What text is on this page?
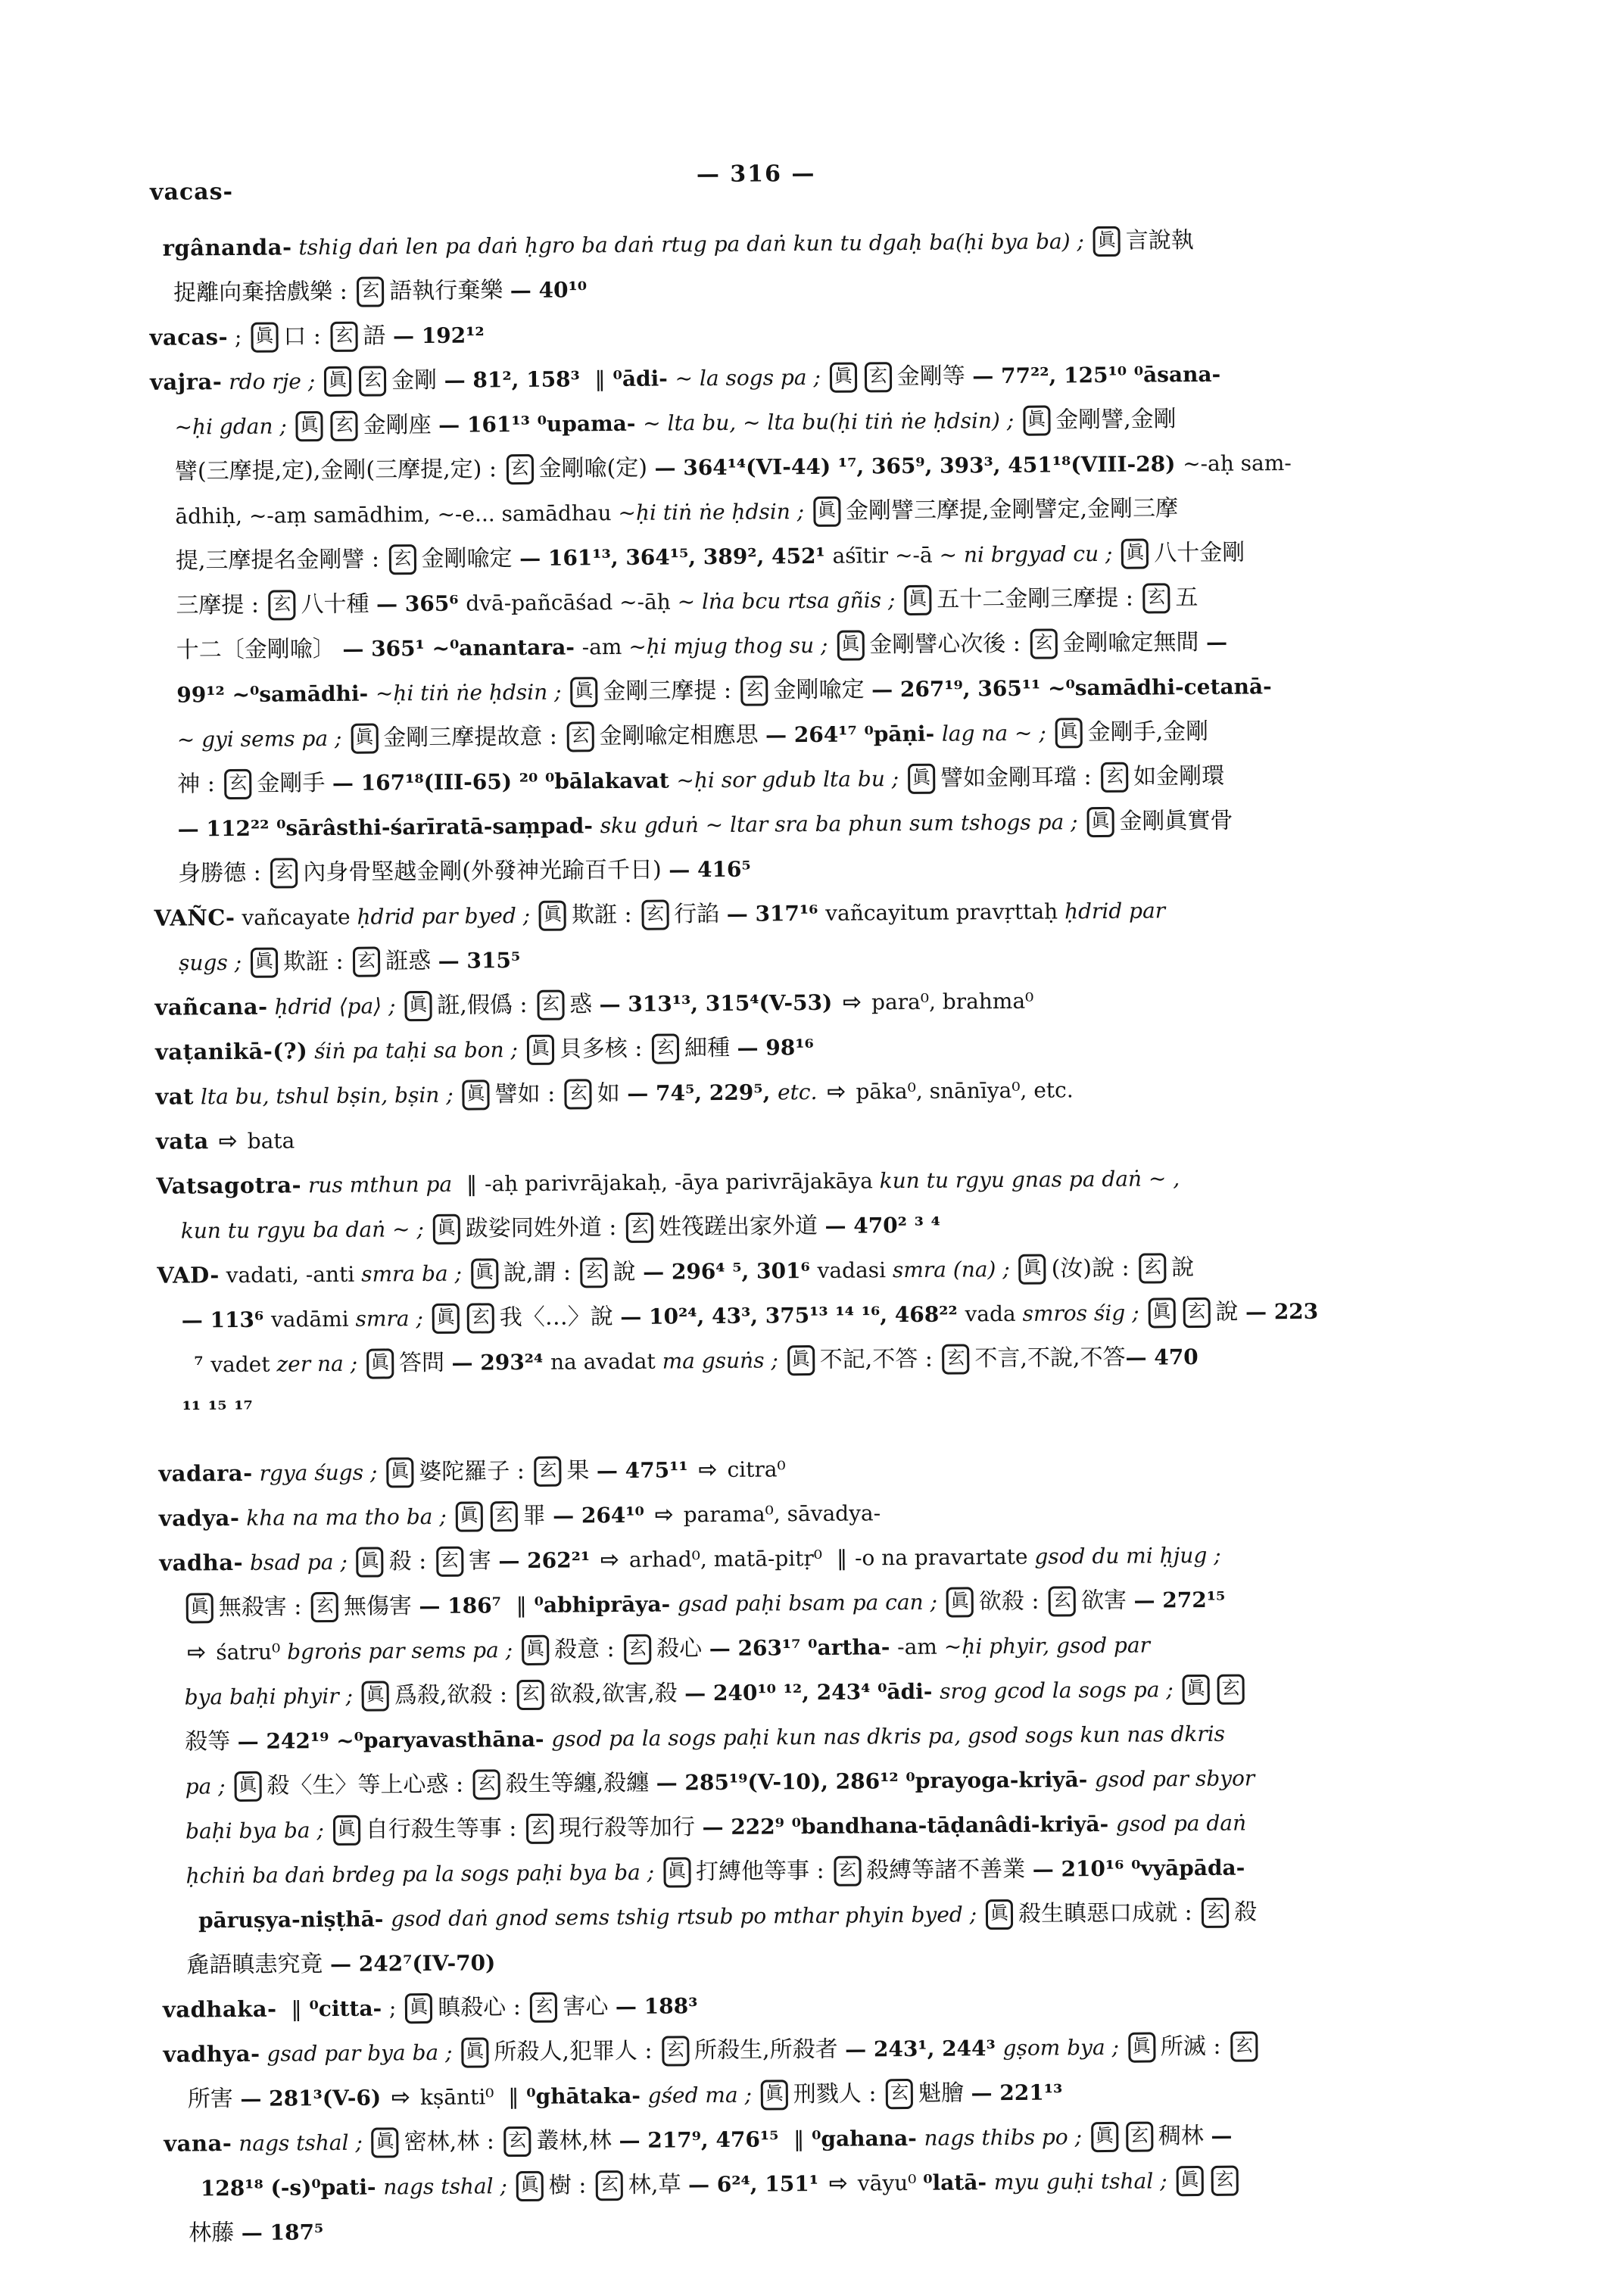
vacas-
— 316 —
rgânanda- tshig daṅ len pa daṅ ḥgro ba daṅ rtug pa daṅ kun tu dgaḥ ba(ḥi bya ba) ; 眞 言說執
捉離向棄捨戲樂 : 玄 語執行棄樂 — 40¹⁰
vacas- ; 眞 口 : 玄 語 — 192¹²
vajra- rdo rje ; 眞 玄 金剛 — 81², 158³ ‖ ⁰ādi- ~ la sogs pa ; 眞 玄 金剛等 — 77²², 125¹⁰ ⁰āsana-
~ḥi gdan ; 眞 玄 金剛座 — 161¹³ ⁰upama- ~ lta bu, ~ lta bu(ḥi tiṅ ṅe ḥdsin) ; 眞 金剛譬,金剛
譬(三摩提,定),金剛(三摩提,定) : 玄 金剛喩(定) — 364¹⁴(VI-44) ¹⁷, 365⁹, 393³, 451¹⁸(VIII-28) ~-aḥ sam-
ādhiḥ, ~-aṃ samādhim, ~-e... samādhau ~ḥi tiṅ ṅe ḥdsin ; 眞 金剛譬三摩提,金剛譬定,金剛三摩
提,三摩提名金剛譬 : 玄 金剛喩定 — 161¹³, 364¹⁵, 389², 452¹ aśītir ~-ā ~ ni brgyad cu ; 眞 八十金剛
三摩提 : 玄 八十種 — 365⁶ dvā-pañcāśad ~-āḥ ~ lṅa bcu rtsa gñis ; 眞 五十二金剛三摩提 : 玄 五
十二〔金剛喩〕 — 365¹ ~⁰anantara- -am ~ḥi mjug thog su ; 眞 金剛譬心次後 : 玄 金剛喩定無間 —
99¹² ~⁰samādhi- ~ḥi tiṅ ṅe ḥdsin ; 眞 金剛三摩提 : 玄 金剛喩定 — 267¹⁹, 365¹¹ ~⁰samādhi-cetanā-
~ gyi sems pa ; 眞 金剛三摩提故意 : 玄 金剛喩定相應思 — 264¹⁷ ⁰pāṇi- lag na ~ ; 眞 金剛手,金剛
神 : 玄 金剛手 — 167¹⁸(III-65) ²⁰ ⁰bālakavat ~ḥi sor gdub lta bu ; 眞 譬如金剛耳璫 : 玄 如金剛環
— 112²² ⁰sārâsthi-śarīratā-saṃpad- sku gduṅ ~ ltar sra ba phun sum tshogs pa ; 眞 金剛眞實骨
身勝德 : 玄 內身骨堅越金剛(外發神光踰百千日) — 416⁵
VAÑC- vañcayate ḥdrid par byed ; 眞 欺誑 : 玄 行諂 — 317¹⁶ vañcayitum pravṛttaḥ ḥdrid par
ṣugs ; 眞 欺誑 : 玄 誑惑 — 315⁵
vañcana- ḥdrid ⟨pa⟩ ; 眞 誑,假僞 : 玄 惑 — 313¹³, 315⁴(V-53) ⇨ para⁰, brahma⁰
vaṭanikā-(?) śiṅ pa taḥi sa bon ; 眞 貝多核 : 玄 細種 — 98¹⁶
vat lta bu, tshul bṣin, bṣin ; 眞 譬如 : 玄 如 — 74⁵, 229⁵, etc. ⇨ pāka⁰, snānīya⁰, etc.
vata ⇨ bata
Vatsagotra- rus mthun pa ‖ -aḥ parivrājakaḥ, -āya parivrājakāya kun tu rgyu gnas pa daṅ ~ ,
kun tu rgyu ba daṅ ~ ; 眞 跋娑同姓外道 : 玄 姓筏蹉出家外道 — 470² ³ ⁴
VAD- vadati, -anti smra ba ; 眞 說,謂 : 玄 說 — 296⁴ ⁵, 301⁶ vadasi smra (na) ; 眞 (汝)說 : 玄 說
— 113⁶ vadāmi smra ; 眞 玄 我〈…〉說 — 10²⁴, 43³, 375¹³ ¹⁴ ¹⁶, 468²² vada smros śig ; 眞 玄 說 — 223
⁷ vadet zer na ; 眞 答問 — 293²⁴ na avadat ma gsuṅs ; 眞 不記,不答 : 玄 不言,不說,不答— 470
¹¹ ¹⁵ ¹⁷
vadara- rgya śugs ; 眞 婆陀羅子 : 玄 果 — 475¹¹ ⇨ citra⁰
vadya- kha na ma tho ba ; 眞 玄 罪 — 264¹⁰ ⇨ parama⁰, sāvadya-
vadha- bsad pa ; 眞 殺 : 玄 害 — 262²¹ ⇨ arhad⁰, matā-pitṛ⁰ ‖ -o na pravartate gsod du mi ḥjug ;
眞 無殺害 : 玄 無傷害 — 186⁷ ‖ ⁰abhiprāya- gsad paḥi bsam pa can ; 眞 欲殺 : 玄 欲害 — 272¹⁵
⇨ śatru⁰ bgroṅs par sems pa ; 眞 殺意 : 玄 殺心 — 263¹⁷ ⁰artha- -am ~ḥi phyir, gsod par
bya baḥi phyir ; 眞 爲殺,欲殺 : 玄 欲殺,欲害,殺 — 240¹⁰ ¹², 243⁴ ⁰ādi- srog gcod la sogs pa ; 眞 玄
殺等 — 242¹⁹ ~⁰paryavasthāna- gsod pa la sogs paḥi kun nas dkris pa, gsod sogs kun nas dkris
pa ; 眞 殺〈生〉等上心惑 : 玄 殺生等纏,殺纏 — 285¹⁹(V-10), 286¹² ⁰prayoga-kriyā- gsod par sbyor
baḥi bya ba ; 眞 自行殺生等事 : 玄 現行殺等加行 — 222⁹ ⁰bandhana-tāḍanâdi-kriyā- gsod pa daṅ
ḥchiṅ ba daṅ brdeg pa la sogs paḥi bya ba ; 眞 打縛他等事 : 玄 殺縛等諸不善業 — 210¹⁶ ⁰vyāpāda-
pāruṣya-niṣṭhā- gsod daṅ gnod sems tshig rtsub po mthar phyin byed ; 眞 殺生瞋惡口成就 : 玄 殺
麁語瞋恚究竟 — 242⁷(IV-70)
vadhaka- ‖ ⁰citta- ; 眞 瞋殺心 : 玄 害心 — 188³
vadhya- gsad par bya ba ; 眞 所殺人,犯罪人 : 玄 所殺生,所殺者 — 243¹, 244³ gṣom bya ; 眞 所滅 : 玄
所害 — 281³(V-6) ⇨ kṣānti⁰ ‖ ⁰ghātaka- gśed ma ; 眞 刑戮人 : 玄 魁膾 — 221¹³
vana- nags tshal ; 眞 密林,林 : 玄 叢林,林 — 217⁹, 476¹⁵ ‖ ⁰gahana- nags thibs po ; 眞 玄 稠林 —
128¹⁸ (-s)⁰pati- nags tshal ; 眞 樹 : 玄 林,草 — 6²⁴, 151¹ ⇨ vāyu⁰ ⁰latā- myu guḥi tshal ; 眞 玄
林藤 — 187⁵
